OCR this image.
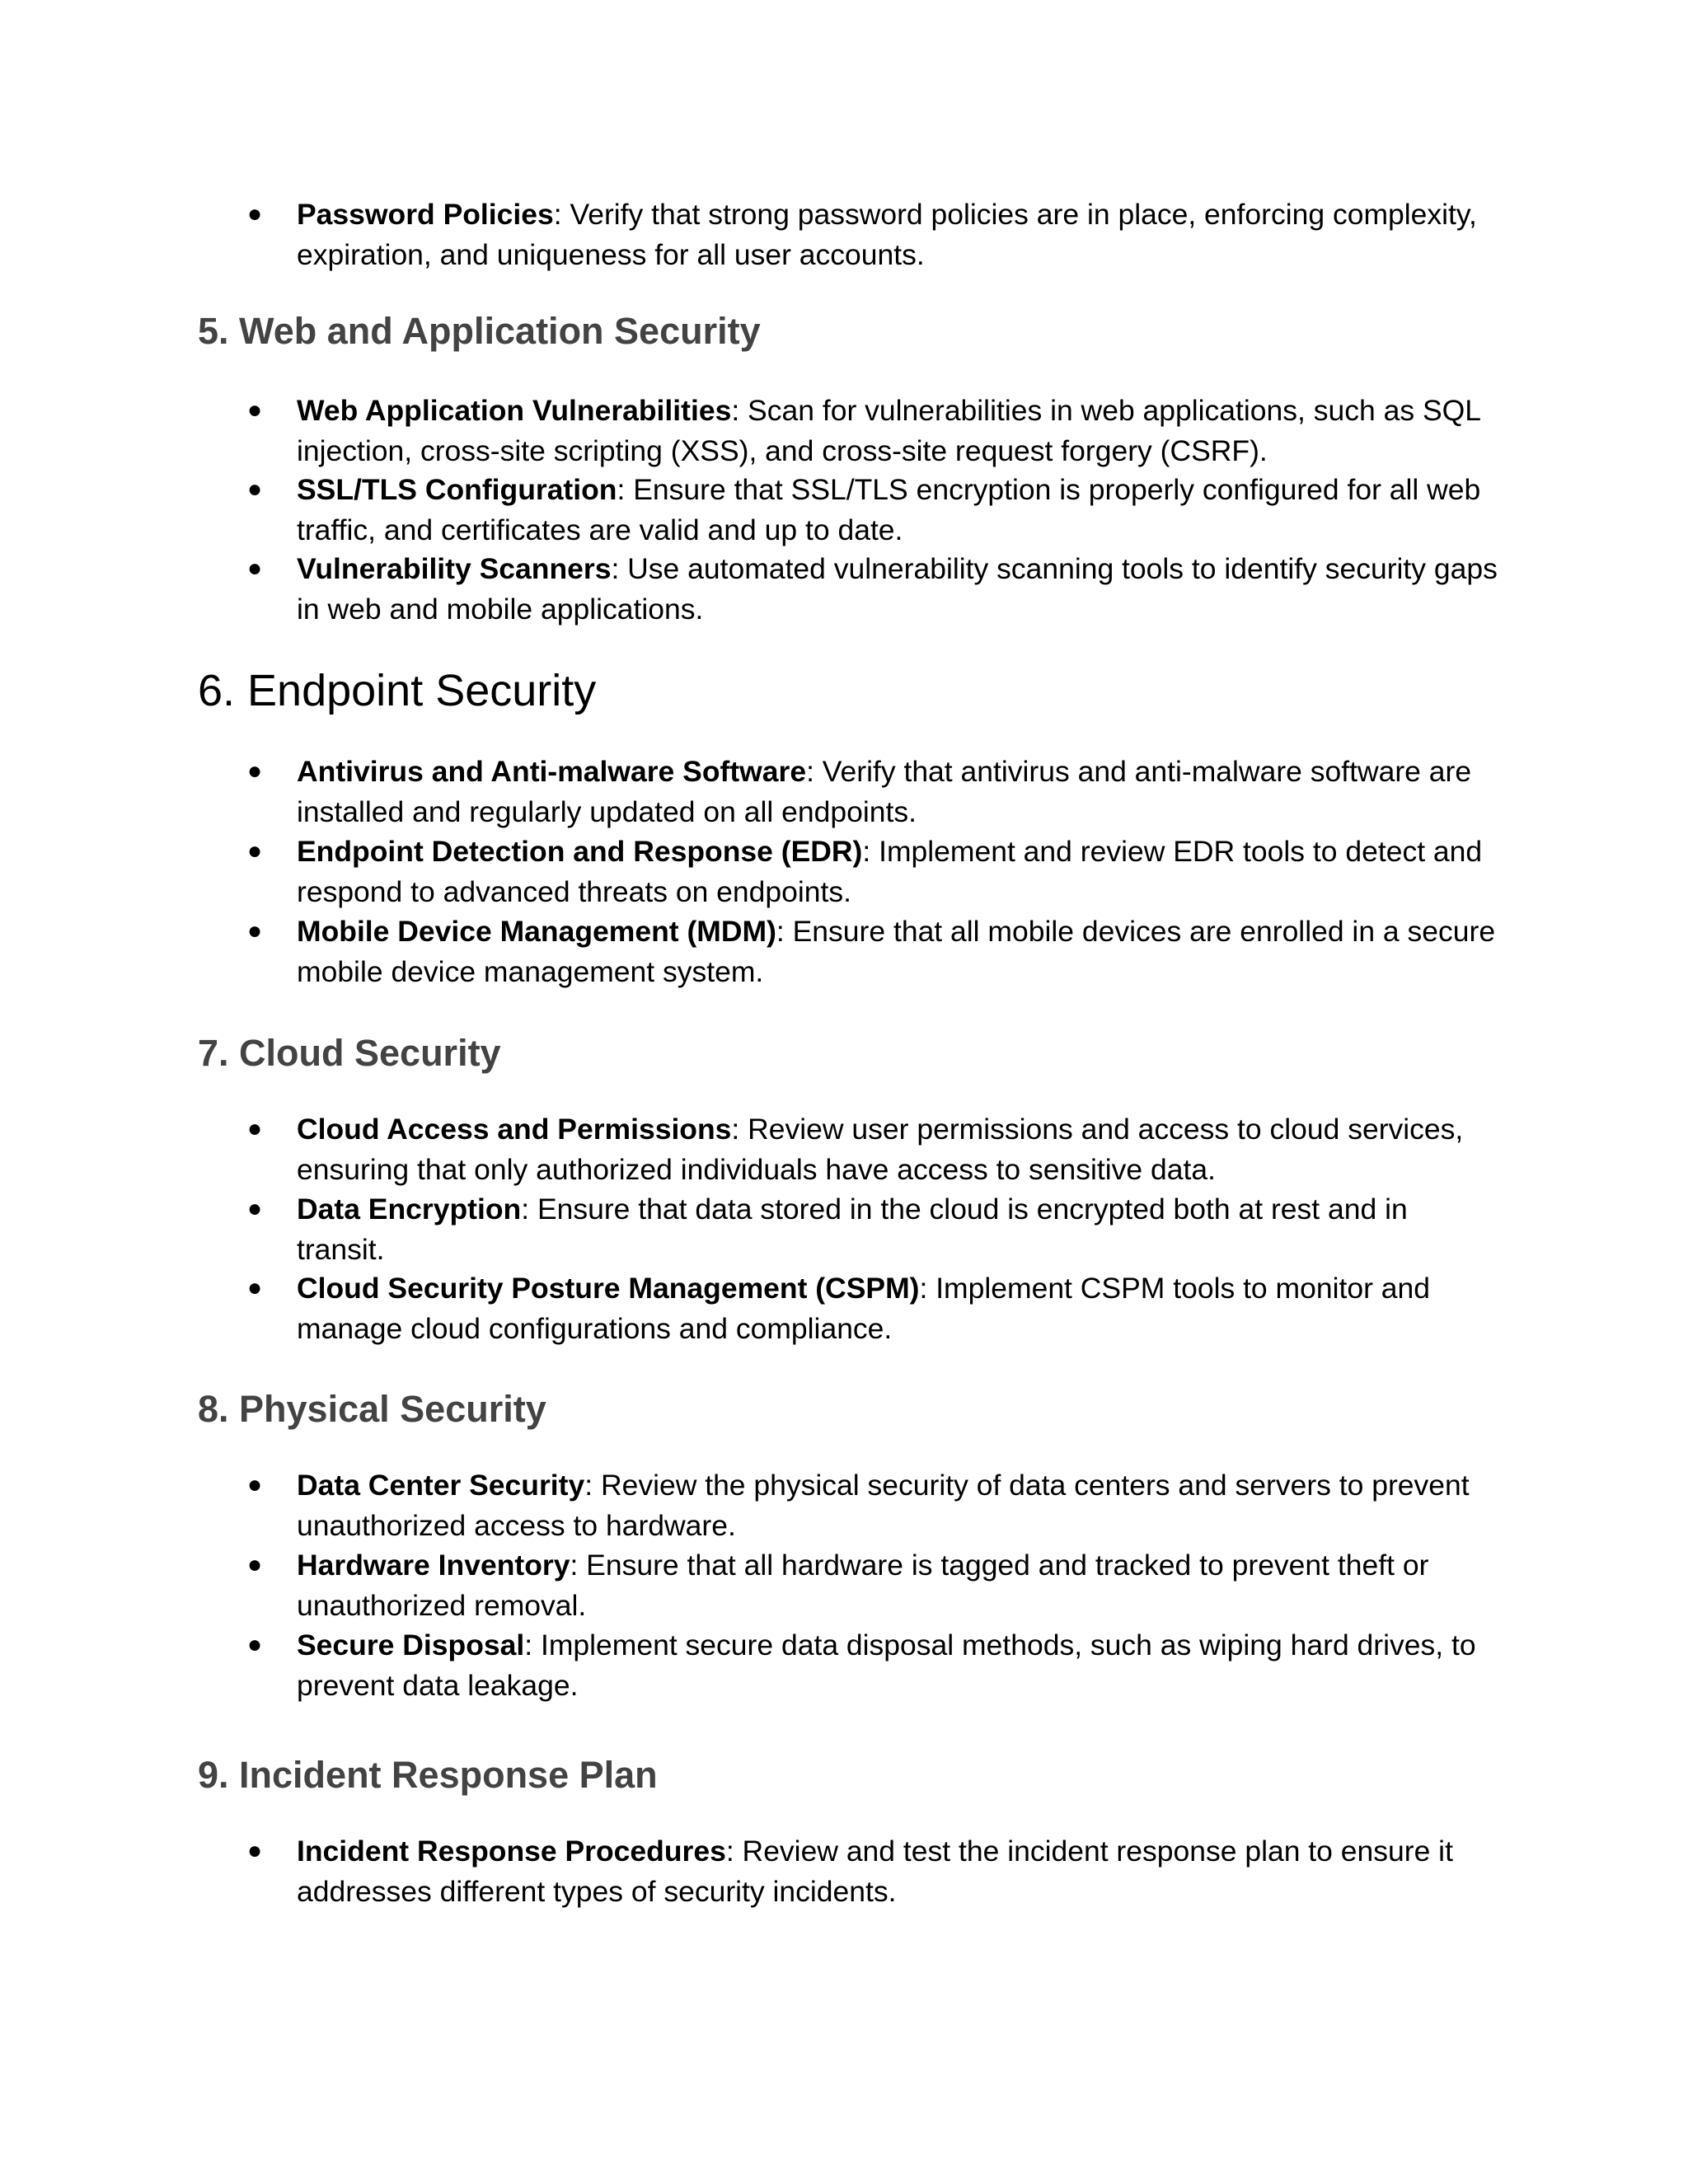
● Password Policies: Verify that strong password policies are in place, enforcing complexity, expiration, and uniqueness for all user accounts.
5. Web and Application Security
● Web Application Vulnerabilities: Scan for vulnerabilities in web applications, such as SQL injection, cross-site scripting (XSS), and cross-site request forgery (CSRF).
● SSL/TLS Configuration: Ensure that SSL/TLS encryption is properly configured for all web traffic, and certificates are valid and up to date.
● Vulnerability Scanners: Use automated vulnerability scanning tools to identify security gaps in web and mobile applications.
6. Endpoint Security
● Antivirus and Anti-malware Software: Verify that antivirus and anti-malware software are installed and regularly updated on all endpoints.
● Endpoint Detection and Response (EDR): Implement and review EDR tools to detect and respond to advanced threats on endpoints.
● Mobile Device Management (MDM): Ensure that all mobile devices are enrolled in a secure mobile device management system.
7. Cloud Security
● Cloud Access and Permissions: Review user permissions and access to cloud services, ensuring that only authorized individuals have access to sensitive data.
● Data Encryption: Ensure that data stored in the cloud is encrypted both at rest and in transit.
● Cloud Security Posture Management (CSPM): Implement CSPM tools to monitor and manage cloud configurations and compliance.
8. Physical Security
● Data Center Security: Review the physical security of data centers and servers to prevent unauthorized access to hardware.
● Hardware Inventory: Ensure that all hardware is tagged and tracked to prevent theft or unauthorized removal.
● Secure Disposal: Implement secure data disposal methods, such as wiping hard drives, to prevent data leakage.
9. Incident Response Plan
● Incident Response Procedures: Review and test the incident response plan to ensure it addresses different types of security incidents.
